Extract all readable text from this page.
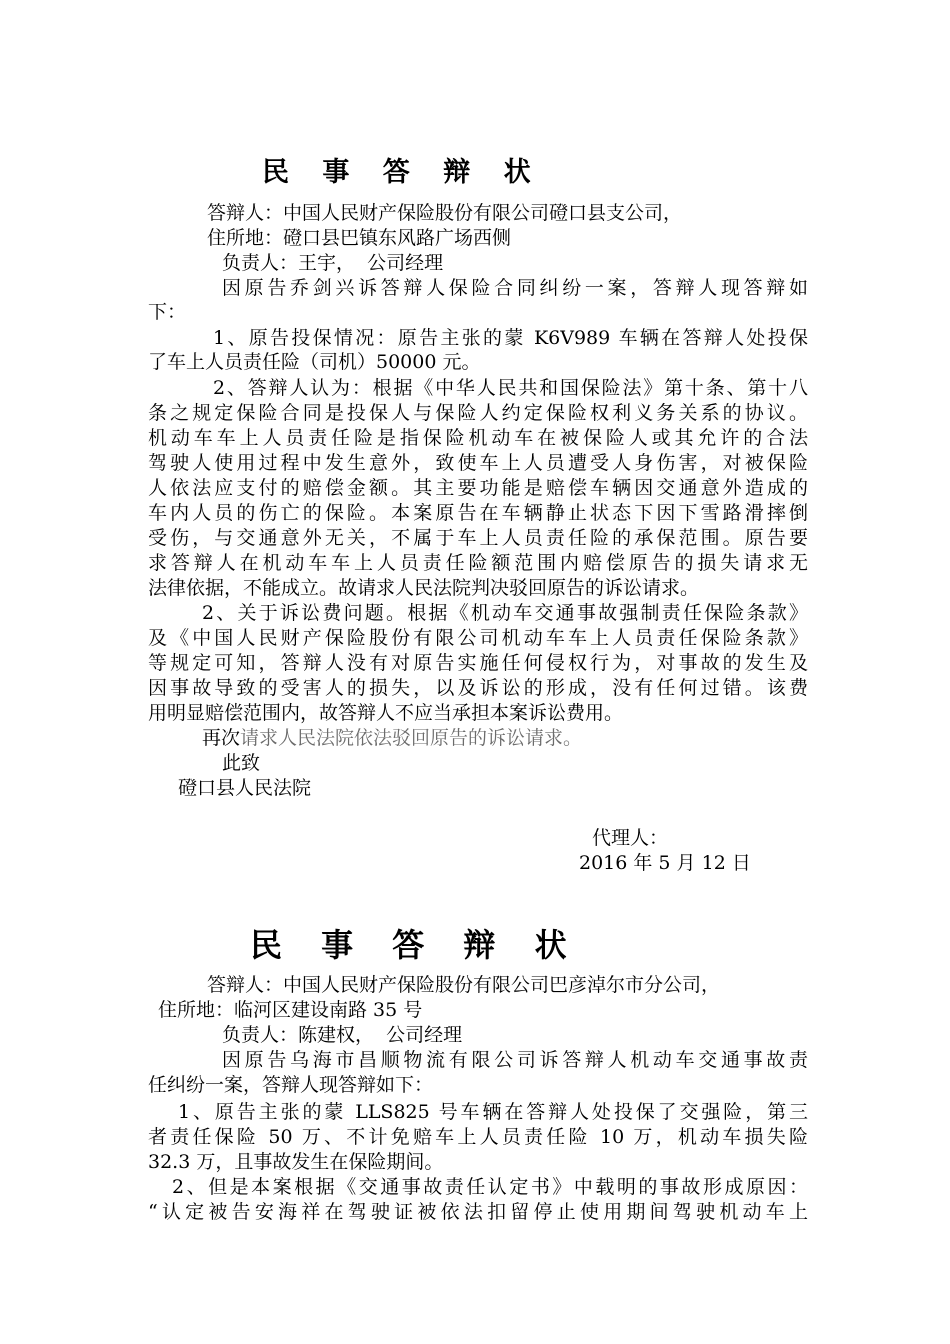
民 事 答 辩 状
答辩人：中国人民财产保险股份有限公司磴口县支公司，
住所地：磴口县巴镇东风路广场西侧
负责人：王宇，  公司经理
因原告乔剑兴诉答辩人保险合同纠纷一案，答辩人现答辩如
下：
1、原告投保情况：原告主张的蒙 K6V989 车辆在答辩人处投保
了车上人员责任险（司机）50000 元。
2、答辩人认为：根据《中华人民共和国保险法》第十条、第十八
条之规定保险合同是投保人与保险人约定保险权利义务关系的协议。
机动车车上人员责任险是指保险机动车在被保险人或其允许的合法
驾驶人使用过程中发生意外，致使车上人员遭受人身伤害，对被保险
人依法应支付的赔偿金额。其主要功能是赔偿车辆因交通意外造成的
车内人员的伤亡的保险。本案原告在车辆静止状态下因下雪路滑摔倒
受伤，与交通意外无关，不属于车上人员责任险的承保范围。原告要
求答辩人在机动车车上人员责任险额范围内赔偿原告的损失请求无
法律依据，不能成立。故请求人民法院判决驳回原告的诉讼请求。
2、关于诉讼费问题。根据《机动车交通事故强制责任保险条款》
及《中国人民财产保险股份有限公司机动车车上人员责任保险条款》
等规定可知，答辩人没有对原告实施任何侵权行为，对事故的发生及
因事故导致的受害人的损失，以及诉讼的形成，没有任何过错。该费
用明显赔偿范围内，故答辩人不应当承担本案诉讼费用。
再次请求人民法院依法驳回原告的诉讼请求。
此致
磴口县人民法院
代理人：
2016 年 5 月 12 日
民 事 答 辩 状
答辩人：中国人民财产保险股份有限公司巴彦淖尔市分公司，
住所地：临河区建设南路 35 号
负责人：陈建权，  公司经理
因原告乌海市昌顺物流有限公司诉答辩人机动车交通事故责
任纠纷一案，答辩人现答辩如下：
1、原告主张的蒙 LLS825 号车辆在答辩人处投保了交强险，第三
者责任保险 50 万、不计免赔车上人员责任险 10 万，机动车损失险
32.3 万，且事故发生在保险期间。
2、但是本案根据《交通事故责任认定书》中载明的事故形成原因：
“认定被告安海祥在驾驶证被依法扣留停止使用期间驾驶机动车上
